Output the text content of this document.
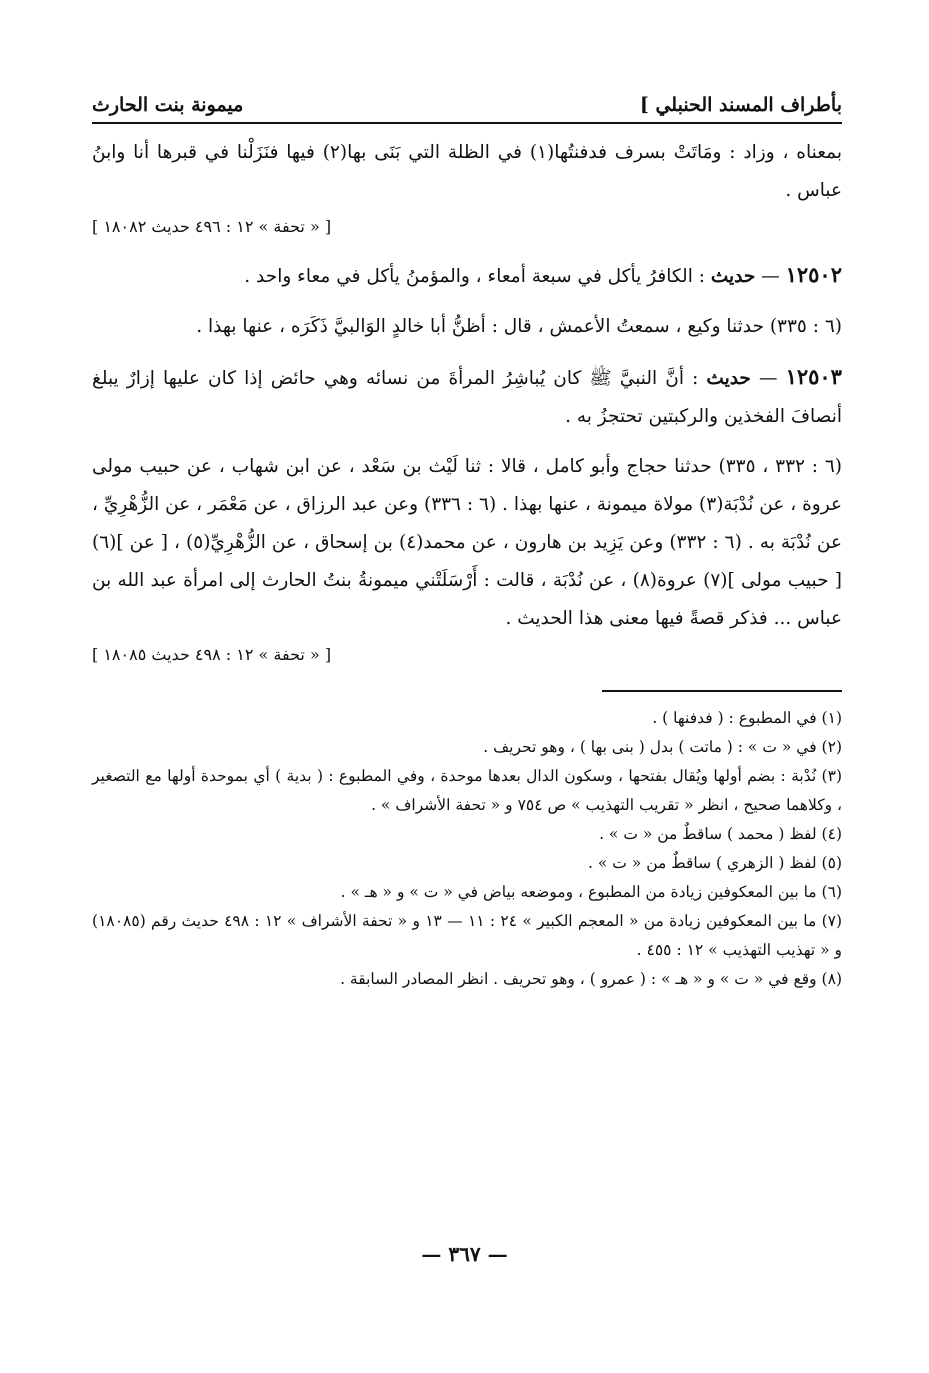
بأطراف المسند الحنبلي ]
ميمونة بنت الحارث

بمعناه ، وزاد : ومَاتَتْ بسرف فدفنتُها(١) في الظلة التي بَنَى بها(٢) فيها فنَزَلْنا في قبرها أنا وابنُ عباس .

[ « تحفة » ١٢ : ٤٩٦ حديث ١٨٠٨٢ ]

١٢٥٠٢ — حديث : الكافرُ يأكل في سبعة أمعاء ، والمؤمنُ يأكل في معاء واحد .

(٦ : ٣٣٥) حدثنا وكيع ، سمعتُ الأعمش ، قال : أظنُّ أبا خالدٍ الوَالبيَّ ذَكَرَه ، عنها بهذا .

١٢٥٠٣ — حديث : أنَّ النبيَّ ﷺ كان يُباشِرُ المرأةَ من نسائه وهي حائض إذا كان عليها إزارٌ يبلغ أنصافَ الفخذين والركبتين تحتجزُ به .

(٦ : ٣٣٢ ، ٣٣٥) حدثنا حجاج وأبو كامل ، قالا : ثنا لَيْث بن سَعْد ، عن ابن شهاب ، عن حبيب مولى عروة ، عن نُدْبَة(٣) مولاة ميمونة ، عنها بهذا . (٦ : ٣٣٦) وعن عبد الرزاق ، عن مَعْمَر ، عن الزُّهْرِيِّ ، عن نُدْبَة به . (٦ : ٣٣٢) وعن يَزِيد بن هارون ، عن محمد(٤) بن إسحاق ، عن الزُّهْرِيِّ(٥) ، [ عن ](٦) [ حبيب مولى ](٧) عروة(٨) ، عن نُدْبَة ، قالت : أَرْسَلَتْني ميمونةُ بنتُ الحارث إلى امرأة عبد الله بن عباس ... فذكر قصةً فيها معنى هذا الحديث .

[ « تحفة » ١٢ : ٤٩٨ حديث ١٨٠٨٥ ]

(١) في المطبوع : ( فدفنها ) .

(٢) في « ت » : ( ماتت ) بدل ( بنى بها ) ، وهو تحريف .

(٣) نُدْبة : بضم أولها ويُقال بفتحها ، وسكون الدال بعدها موحدة ، وفي المطبوع : ( بدية ) أي بموحدة أولها مع التصغير ، وكلاهما صحيح ، انظر « تقريب التهذيب » ص ٧٥٤ و « تحفة الأشراف » .

(٤) لفظ ( محمد ) ساقطٌ من « ت » .

(٥) لفظ ( الزهري ) ساقطٌ من « ت » .

(٦) ما بين المعكوفين زيادة من المطبوع ، وموضعه بياض في « ت » و « هـ » .

(٧) ما بين المعكوفين زيادة من « المعجم الكبير » ٢٤ : ١١ — ١٣ و « تحفة الأشراف » ١٢ : ٤٩٨ حديث رقم (١٨٠٨٥) و « تهذيب التهذيب » ١٢ : ٤٥٥ .

(٨) وقع في « ت » و « هـ » : ( عمرو ) ، وهو تحريف . انظر المصادر السابقة .

— ٣٦٧ —
